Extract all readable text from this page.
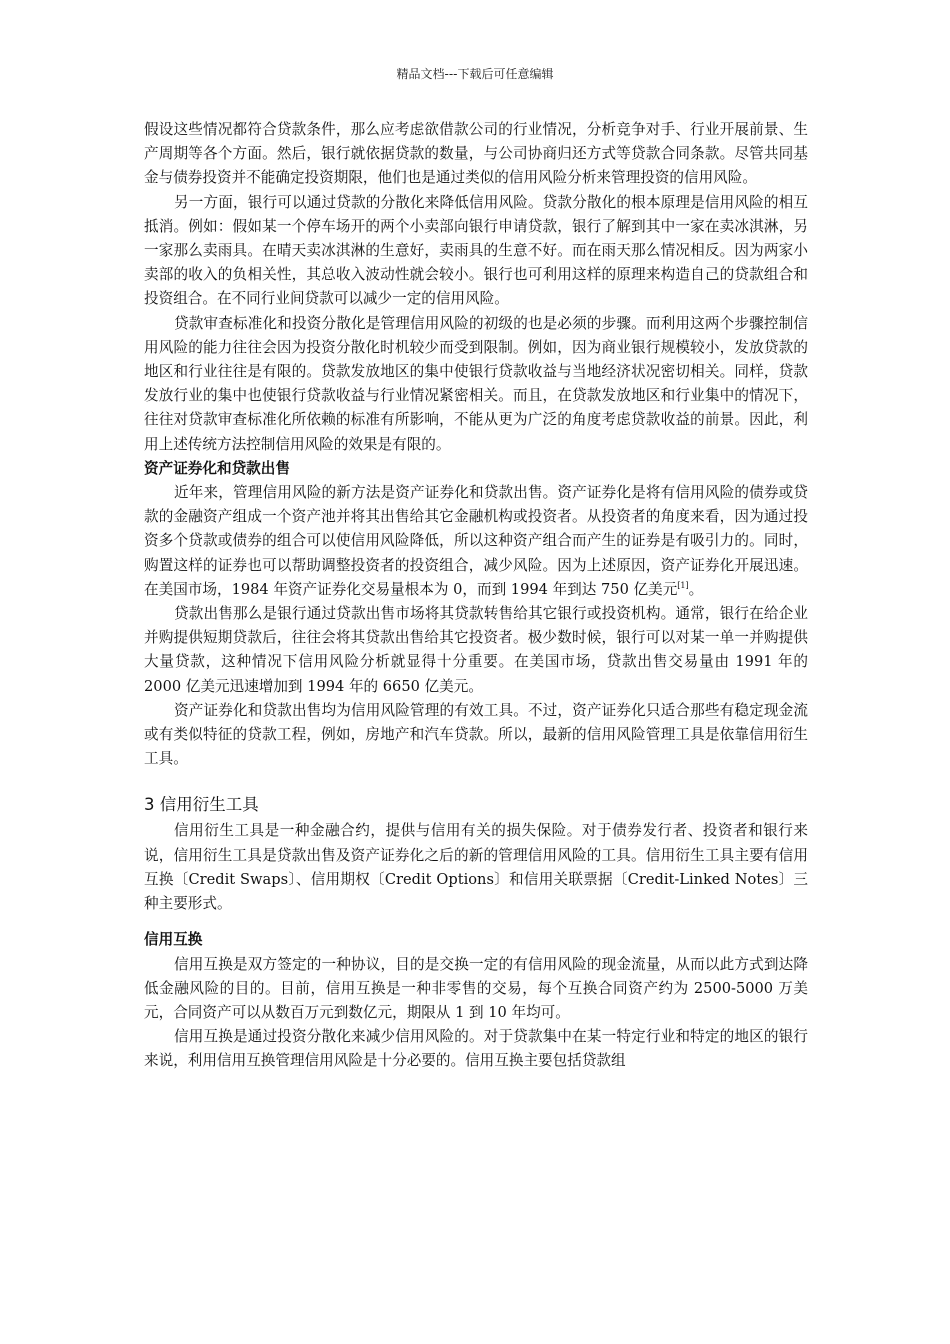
精品文档---下载后可任意编辑

假设这些情况都符合贷款条件，那么应考虑欲借款公司的行业情况，分析竞争对手、行业开展前景、生产周期等各个方面。然后，银行就依据贷款的数量，与公司协商归还方式等贷款合同条款。尽管共同基金与债券投资并不能确定投资期限，他们也是通过类似的信用风险分析来管理投资的信用风险。

另一方面，银行可以通过贷款的分散化来降低信用风险。贷款分散化的根本原理是信用风险的相互抵消。例如：假如某一个停车场开的两个小卖部向银行申请贷款，银行了解到其中一家在卖冰淇淋，另一家那么卖雨具。在晴天卖冰淇淋的生意好，卖雨具的生意不好。而在雨天那么情况相反。因为两家小卖部的收入的负相关性，其总收入波动性就会较小。银行也可利用这样的原理来构造自己的贷款组合和投资组合。在不同行业间贷款可以减少一定的信用风险。

贷款审查标准化和投资分散化是管理信用风险的初级的也是必须的步骤。而利用这两个步骤控制信用风险的能力往往会因为投资分散化时机较少而受到限制。例如，因为商业银行规模较小，发放贷款的地区和行业往往是有限的。贷款发放地区的集中使银行贷款收益与当地经济状况密切相关。同样，贷款发放行业的集中也使银行贷款收益与行业情况紧密相关。而且，在贷款发放地区和行业集中的情况下，往往对贷款审查标准化所依赖的标准有所影响，不能从更为广泛的角度考虑贷款收益的前景。因此，利用上述传统方法控制信用风险的效果是有限的。

资产证券化和贷款出售

近年来，管理信用风险的新方法是资产证券化和贷款出售。资产证券化是将有信用风险的债券或贷款的金融资产组成一个资产池并将其出售给其它金融机构或投资者。从投资者的角度来看，因为通过投资多个贷款或债券的组合可以使信用风险降低，所以这种资产组合而产生的证券是有吸引力的。同时，购置这样的证券也可以帮助调整投资者的投资组合，减少风险。因为上述原因，资产证券化开展迅速。在美国市场，1984 年资产证券化交易量根本为 0，而到 1994 年到达 750 亿美元[1]。

贷款出售那么是银行通过贷款出售市场将其贷款转售给其它银行或投资机构。通常，银行在给企业并购提供短期贷款后，往往会将其贷款出售给其它投资者。极少数时候，银行可以对某一单一并购提供大量贷款，这种情况下信用风险分析就显得十分重要。在美国市场，贷款出售交易量由 1991 年的 2000 亿美元迅速增加到 1994 年的 6650 亿美元。

资产证券化和贷款出售均为信用风险管理的有效工具。不过，资产证券化只适合那些有稳定现金流或有类似特征的贷款工程，例如，房地产和汽车贷款。所以，最新的信用风险管理工具是依靠信用衍生工具。

3 信用衍生工具

信用衍生工具是一种金融合约，提供与信用有关的损失保险。对于债券发行者、投资者和银行来说，信用衍生工具是贷款出售及资产证券化之后的新的管理信用风险的工具。信用衍生工具主要有信用互换〔Credit Swaps〕、信用期权〔Credit Options〕和信用关联票据〔Credit-Linked Notes〕三种主要形式。

信用互换

信用互换是双方签定的一种协议，目的是交换一定的有信用风险的现金流量，从而以此方式到达降低金融风险的目的。目前，信用互换是一种非零售的交易，每个互换合同资产约为 2500-5000 万美元，合同资产可以从数百万元到数亿元，期限从 1 到 10 年均可。

信用互换是通过投资分散化来减少信用风险的。对于贷款集中在某一特定行业和特定的地区的银行来说，利用信用互换管理信用风险是十分必要的。信用互换主要包括贷款组
